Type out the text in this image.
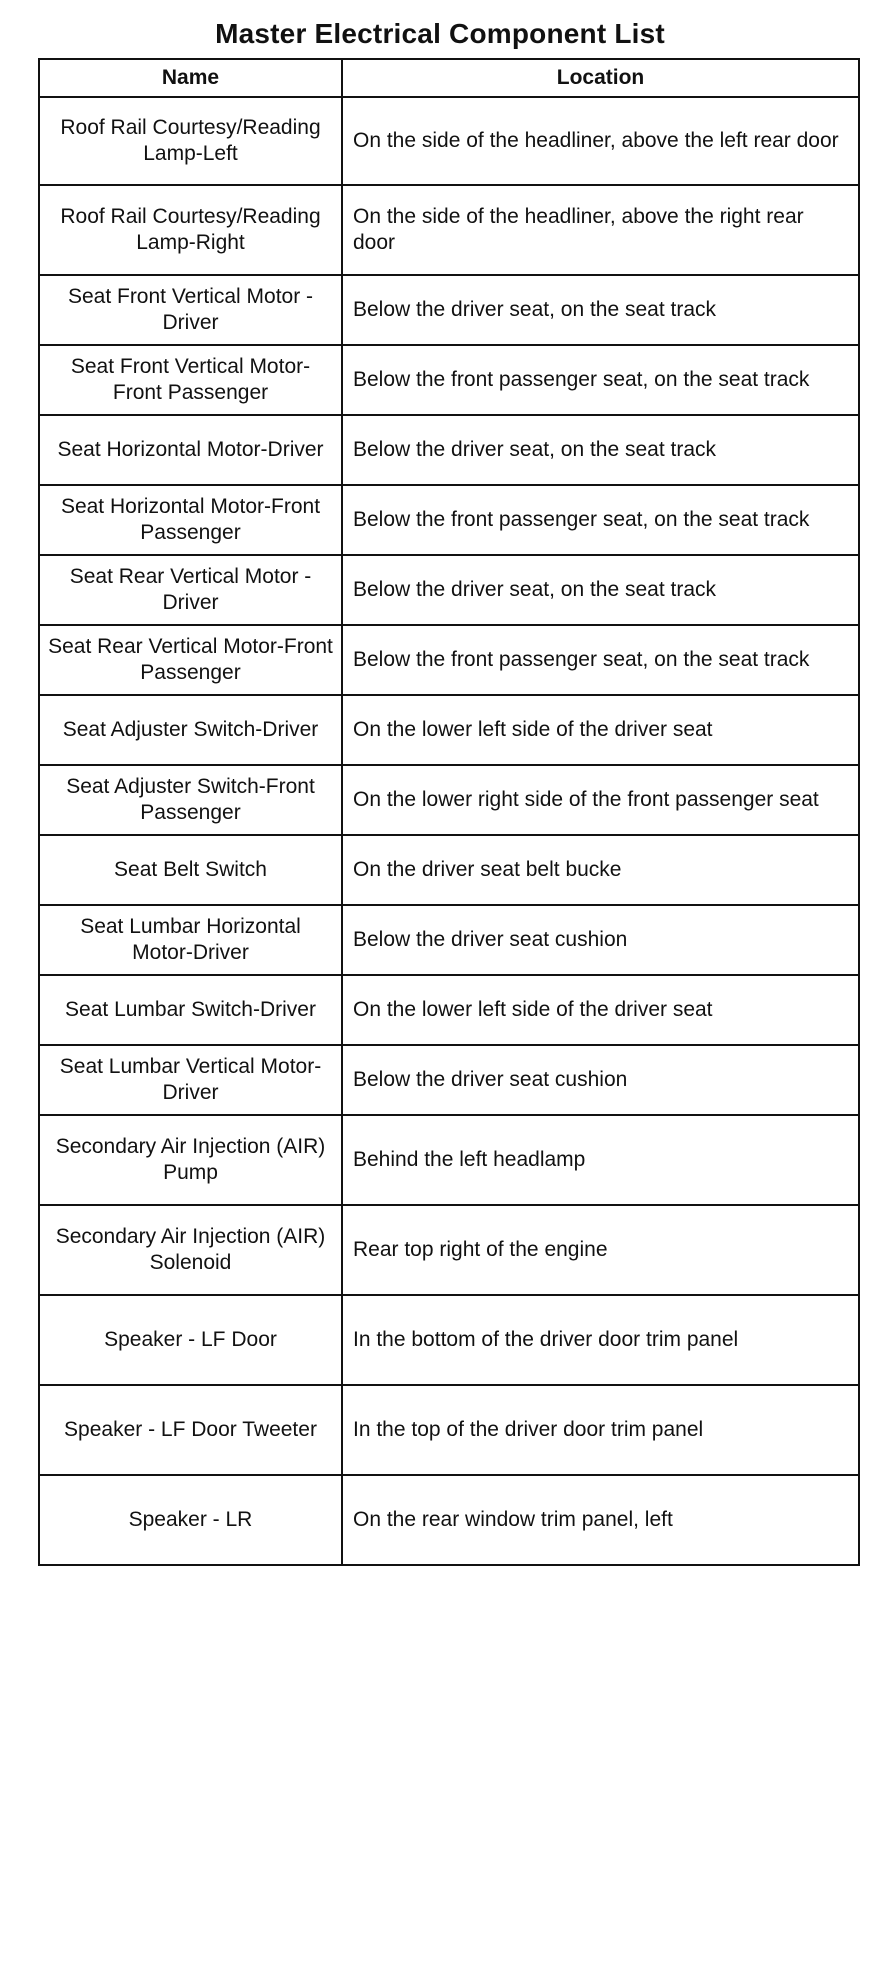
Master Electrical Component List
Name	Location
Roof Rail Courtesy/Reading Lamp-Left	On the side of the headliner, above the left rear door
Roof Rail Courtesy/Reading Lamp-Right	On the side of the headliner, above the right rear door
Seat Front Vertical Motor -Driver	Below the driver seat, on the seat track
Seat Front Vertical Motor-Front Passenger	Below the front passenger seat, on the seat track
Seat Horizontal Motor-Driver	Below the driver seat, on the seat track
Seat Horizontal Motor-Front Passenger	Below the front passenger seat, on the seat track
Seat Rear Vertical Motor -Driver	Below the driver seat, on the seat track
Seat Rear Vertical Motor-Front Passenger	Below the front passenger seat, on the seat track
Seat Adjuster Switch-Driver	On the lower left side of the driver seat
Seat Adjuster Switch-Front Passenger	On the lower right side of the front passenger seat
Seat Belt Switch	On the driver seat belt bucke
Seat Lumbar Horizontal Motor-Driver	Below the driver seat cushion
Seat Lumbar Switch-Driver	On the lower left side of the driver seat
Seat Lumbar Vertical Motor-Driver	Below the driver seat cushion
Secondary Air Injection (AIR) Pump	Behind the left headlamp
Secondary Air Injection (AIR) Solenoid	Rear top right of the engine
Speaker - LF Door	In the bottom of the driver door trim panel
Speaker - LF Door Tweeter	In the top of the driver door trim panel
Speaker - LR	On the rear window trim panel, left
